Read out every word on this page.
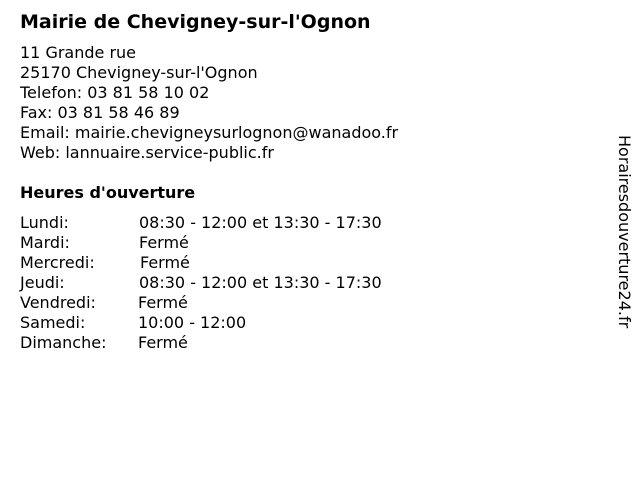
Mairie de Chevigney-sur-l'Ognon
11 Grande rue
25170 Chevigney-sur-l'Ognon
Telefon: 03 81 58 10 02
Fax: 03 81 58 46 89
Email: mairie.chevigneysurlognon@wanadoo.fr
Web: lannuaire.service-public.fr
Heures d'ouverture
Lundi:	08:30 - 12:00 et 13:30 - 17:30
Mardi:	Fermé
Mercredi:	Fermé
Jeudi:	08:30 - 12:00 et 13:30 - 17:30
Vendredi:	Fermé
Samedi:	10:00 - 12:00
Dimanche: Fermé
Horairesdouverture24.fr
